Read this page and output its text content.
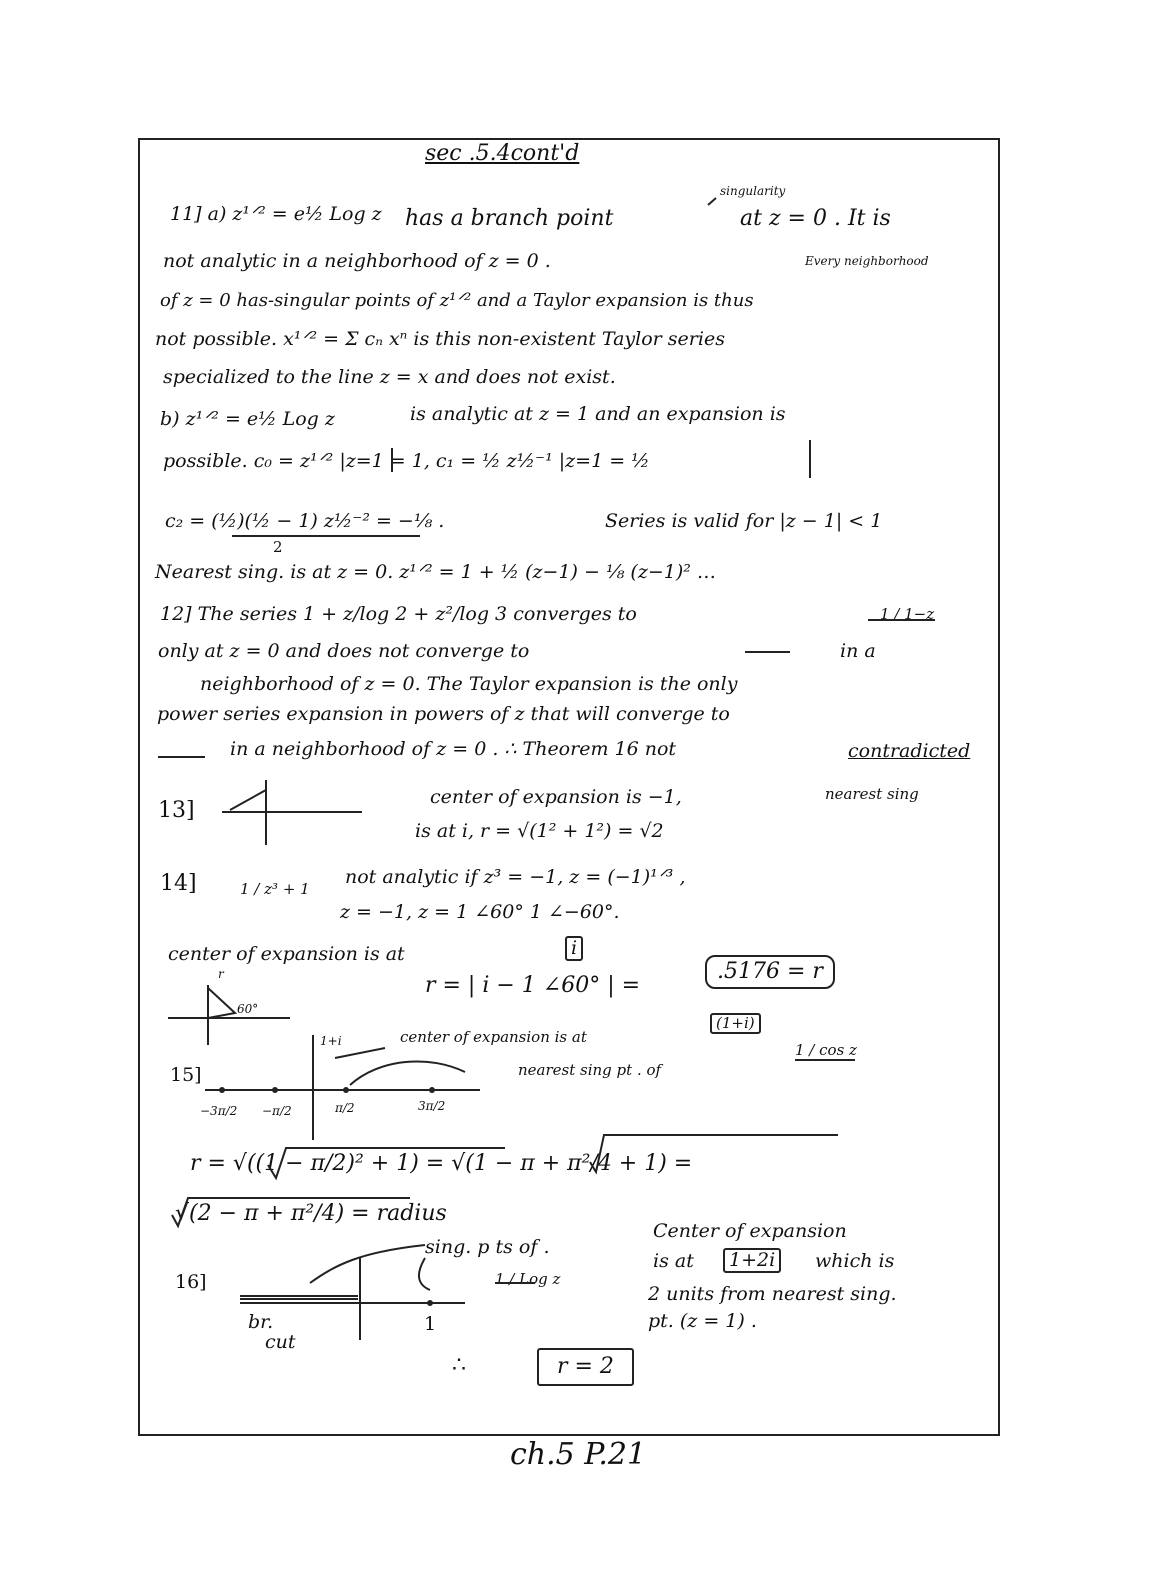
sec .5.4cont'd
11] a) z¹ᐟ² = e½ Log z has a branch point
singularity
at z = 0 . It is
not analytic in a neighborhood of z = 0 .	Every neighborhood
of z = 0 has-singular points of z¹ᐟ² and a Taylor expansion is thus
not possible. x¹ᐟ² = Σ cₙ xⁿ is this non-existent Taylor series
specialized to the line z = x and does not exist.
b) z¹ᐟ² = e½ Log z	is analytic at z = 1 and an expansion is
possible. c₀ = z¹ᐟ² |z=1 = 1, c₁ = ½ z½⁻¹ |z=1 = ½
c₂ = (½)(½ − 1) z½⁻² = −⅛ .
2
Series is valid for |z − 1| < 1
Nearest sing. is at z = 0. z¹ᐟ² = 1 + ½ (z−1) − ⅛ (z−1)² …
12] The series 1 + z/log 2 + z²/log 3 converges to	1 / 1−z
only at z = 0 and does not converge to	in a
neighborhood of z = 0. The Taylor expansion is the only
power series expansion in powers of z that will converge to
in a neighborhood of z = 0 . ∴ Theorem 16 not	contradicted
13]
center of expansion is −1,	nearest sing
is at i, r = √(1² + 1²) = √2
14]	1 / z³ + 1
not analytic if z³ = −1, z = (−1)¹ᐟ³ ,
z = −1, z = 1 ∠60° 1 ∠−60°.
center of expansion is at	i
r = | i − 1 ∠60° | =
.5176 = r
r
60°
15]
1+i	center of expansion is at
(1+i)
nearest sing pt . of
1 / cos z
−3π/2 −π/2	π/2	3π/2
r = √((1 − π/2)² + 1) = √(1 − π + π²/4 + 1) =
√(2 − π + π²/4) = radius
16]
sing. p ts of .
1 / Log z
1
br.
cut
Center of expansion
is at	1+2i	which is
2 units from nearest sing.
pt. (z = 1) .
∴	r = 2
ch.5 P.21
